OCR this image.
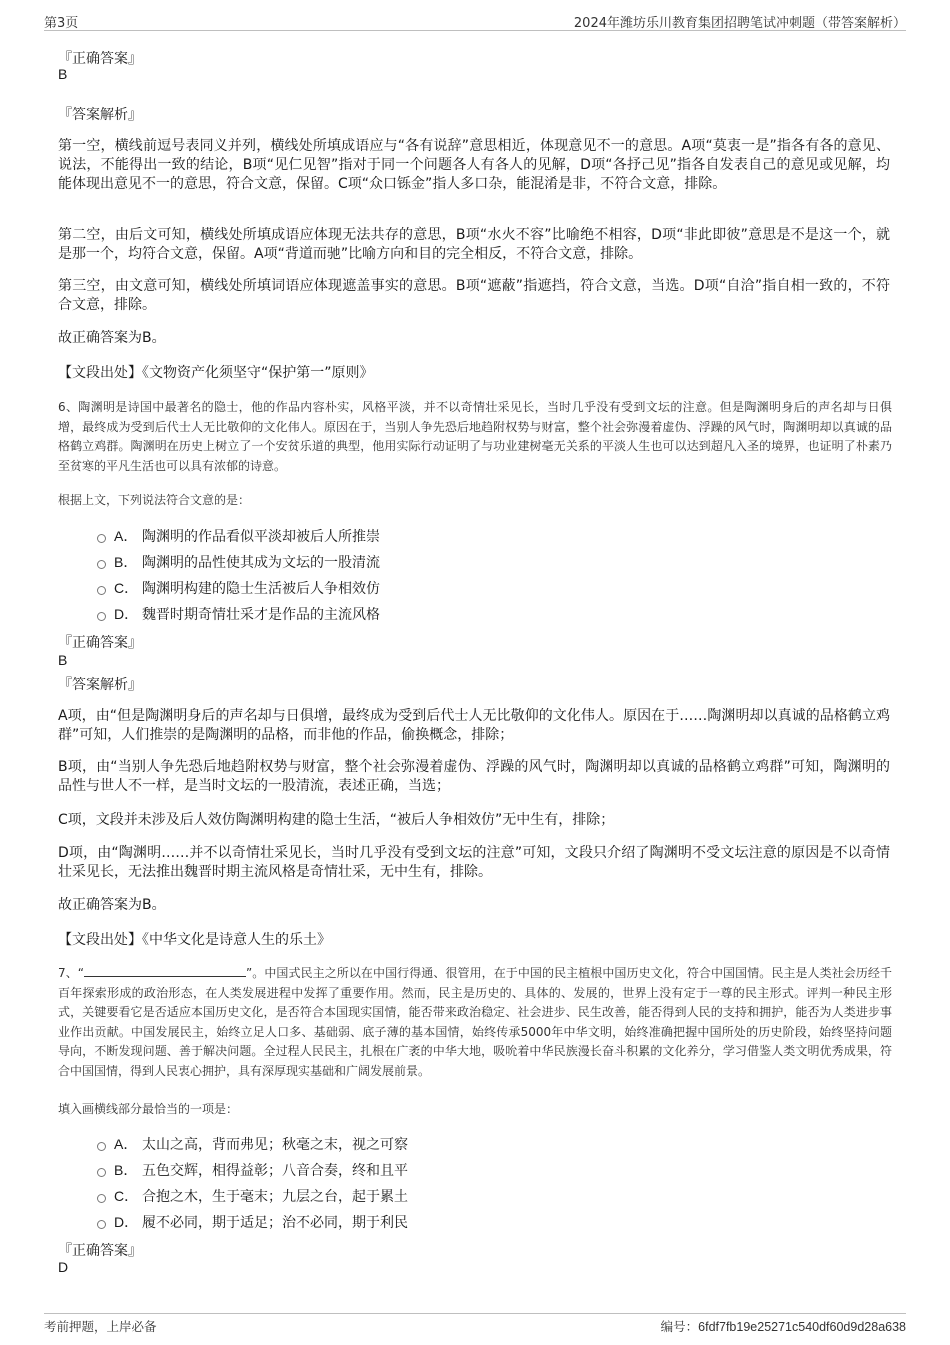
第3页	2024年潍坊乐川教育集团招聘笔试冲刺题（带答案解析）
『正确答案』
B
『答案解析』
第一空，横线前逗号表同义并列，横线处所填成语应与“各有说辞”意思相近，体现意见不一的意思。A项“莫衷一是”指各有各的意见、说法，不能得出一致的结论，B项“见仁见智”指对于同一个问题各人有各人的见解，D项“各抒己见”指各自发表自己的意见或见解，均能体现出意见不一的意思，符合文意，保留。C项“众口铄金”指人多口杂，能混淆是非，不符合文意，排除。
第二空，由后文可知，横线处所填成语应体现无法共存的意思，B项“水火不容”比喻绝不相容，D项“非此即彼”意思是不是这一个，就是那一个，均符合文意，保留。A项“背道而驰”比喻方向和目的完全相反，不符合文意，排除。
第三空，由文意可知，横线处所填词语应体现遮盖事实的意思。B项“遮蔽”指遮挡，符合文意，当选。D项“自洽”指自相一致的，不符合文意，排除。
故正确答案为B。
【文段出处】《文物资产化须坚守“保护第一”原则》
6、陶渊明是诗国中最著名的隐士，他的作品内容朴实，风格平淡，并不以奇情壮采见长，当时几乎没有受到文坛的注意。但是陶渊明身后的声名却与日俱增，最终成为受到后代士人无比敬仰的文化伟人。原因在于，当别人争先恐后地趋附权势与财富，整个社会弥漫着虚伪、浮躁的风气时，陶渊明却以真诚的品格鹤立鸡群。陶渊明在历史上树立了一个安贫乐道的典型，他用实际行动证明了与功业建树毫无关系的平淡人生也可以达到超凡入圣的境界，也证明了朴素乃至贫寒的平凡生活也可以具有浓郁的诗意。
根据上文，下列说法符合文意的是：
A． 陶渊明的作品看似平淡却被后人所推崇
B． 陶渊明的品性使其成为文坛的一股清流
C． 陶渊明构建的隐士生活被后人争相效仿
D． 魏晋时期奇情壮采才是作品的主流风格
『正确答案』
B
『答案解析』
A项，由“但是陶渊明身后的声名却与日俱增，最终成为受到后代士人无比敬仰的文化伟人。原因在于……陶渊明却以真诚的品格鹤立鸡群”可知，人们推崇的是陶渊明的品格，而非他的作品，偷换概念，排除；
B项，由“当别人争先恐后地趋附权势与财富，整个社会弥漫着虚伪、浮躁的风气时，陶渊明却以真诚的品格鹤立鸡群”可知，陶渊明的品性与世人不一样，是当时文坛的一股清流，表述正确，当选；
C项，文段并未涉及后人效仿陶渊明构建的隐士生活，“被后人争相效仿”无中生有，排除；
D项，由“陶渊明……并不以奇情壮采见长，当时几乎没有受到文坛的注意”可知，文段只介绍了陶渊明不受文坛注意的原因是不以奇情壮采见长，无法推出魏晋时期主流风格是奇情壮采，无中生有，排除。
故正确答案为B。
【文段出处】《中华文化是诗意人生的乐土》
7、“	”。中国式民主之所以在中国行得通、很管用，在于中国的民主植根中国历史文化，符合中国国情。民主是人类社会历经千百年探索形成的政治形态，在人类发展进程中发挥了重要作用。然而，民主是历史的、具体的、发展的，世界上没有定于一尊的民主形式。评判一种民主形式，关键要看它是否适应本国历史文化，是否符合本国现实国情，能否带来政治稳定、社会进步、民生改善，能否得到人民的支持和拥护，能否为人类进步事业作出贡献。中国发展民主，始终立足人口多、基础弱、底子薄的基本国情，始终传承5000年中华文明，始终准确把握中国所处的历史阶段，始终坚持问题导向，不断发现问题、善于解决问题。全过程人民民主，扎根在广袤的中华大地，吸吮着中华民族漫长奋斗积累的文化养分，学习借鉴人类文明优秀成果，符合中国国情，得到人民衷心拥护，具有深厚现实基础和广阔发展前景。
填入画横线部分最恰当的一项是：
A． 太山之高，背而弗见；秋毫之末，视之可察
B． 五色交辉，相得益彰；八音合奏，终和且平
C． 合抱之木，生于毫末；九层之台，起于累土
D． 履不必同，期于适足；治不必同，期于利民
『正确答案』
D
考前押题，上岸必备	编号：6fdf7fb19e25271c540df60d9d28a638
